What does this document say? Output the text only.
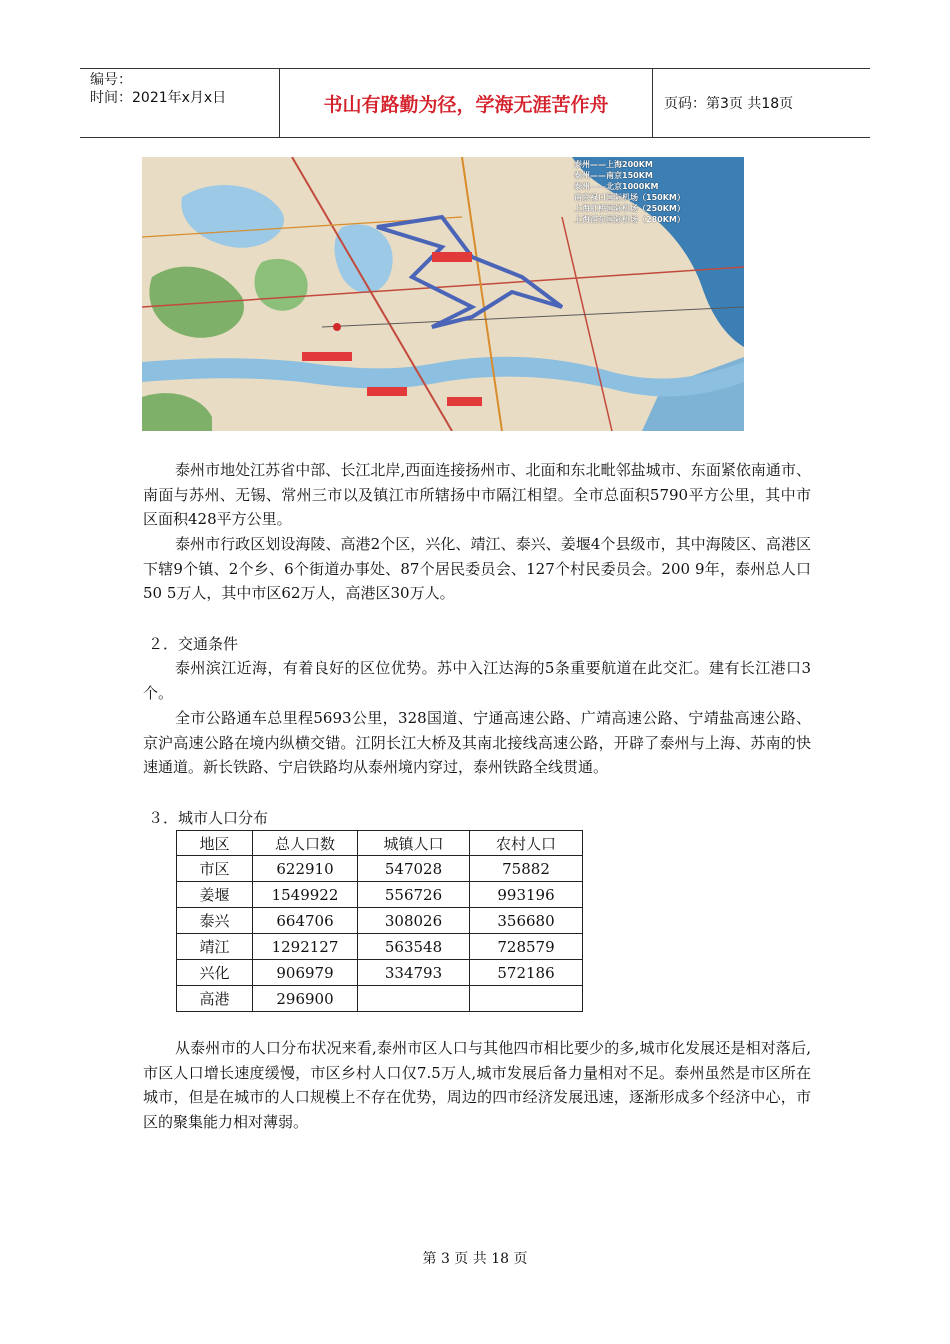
编号：
时间：2021年x月x日	书山有路勤为径，学海无涯苦作舟	页码：第3页 共18页
泰州——上海200KM
泰州——南京150KM
泰州——北京1000KM
南京禄口国际机场（150KM）
上海虹桥国际机场（250KM）
上海浦东国际机场（280KM）
泰州市地处江苏省中部、长江北岸,西面连接扬州市、北面和东北毗邻盐城市、东面紧依南通市、南面与苏州、无锡、常州三市以及镇江市所辖扬中市隔江相望。全市总面积5790平方公里，其中市区面积428平方公里。
泰州市行政区划设海陵、高港2个区，兴化、靖江、泰兴、姜堰4个县级市，其中海陵区、高港区下辖9个镇、2个乡、6个街道办事处、87个居民委员会、127个村民委员会。200 9年，泰州总人口50 5万人，其中市区62万人，高港区30万人。
２．交通条件
泰州滨江近海，有着良好的区位优势。苏中入江达海的5条重要航道在此交汇。建有长江港口3个。
全市公路通车总里程5693公里，328国道、宁通高速公路、广靖高速公路、宁靖盐高速公路、京沪高速公路在境内纵横交错。江阴长江大桥及其南北接线高速公路，开辟了泰州与上海、苏南的快速通道。新长铁路、宁启铁路均从泰州境内穿过，泰州铁路全线贯通。
３．城市人口分布
地区	总人口数	城镇人口	农村人口
市区	622910	547028	75882
姜堰	1549922	556726	993196
泰兴	664706	308026	356680
靖江	1292127	563548	728579
兴化	906979	334793	572186
高港	296900		
从泰州市的人口分布状况来看,泰州市区人口与其他四市相比要少的多,城市化发展还是相对落后,市区人口增长速度缓慢，市区乡村人口仅7.5万人,城市发展后备力量相对不足。泰州虽然是市区所在城市，但是在城市的人口规模上不存在优势，周边的四市经济发展迅速，逐渐形成多个经济中心，市区的聚集能力相对薄弱。
第 3 页 共 18 页
